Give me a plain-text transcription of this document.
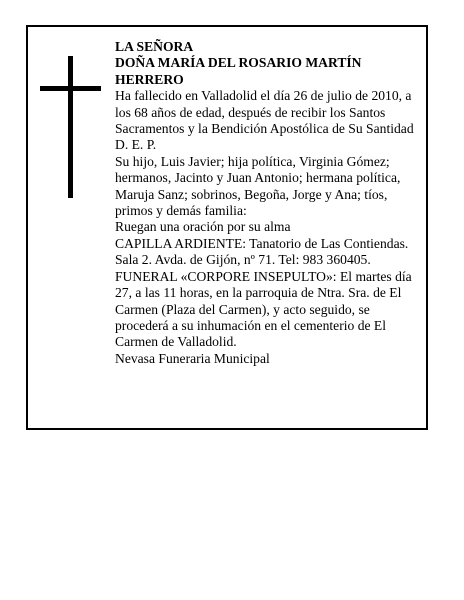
LA SEÑORA

DOÑA MARÍA DEL ROSARIO MARTÍN HERRERO

Ha fallecido en Valladolid el día 26 de julio de 2010, a los 68 años de edad, después de recibir los Santos Sacramentos y la Bendición Apostólica de Su Santidad

D. E. P.

Su hijo, Luis Javier; hija política, Virginia Gómez; hermanos, Jacinto y Juan Antonio; hermana política, Maruja Sanz; sobrinos, Begoña, Jorge y Ana; tíos, primos y demás familia:

Ruegan una oración por su alma

CAPILLA ARDIENTE: Tanatorio de Las Contiendas. Sala 2. Avda. de Gijón, nº 71. Tel: 983 360405.

FUNERAL «CORPORE INSEPULTO»: El martes día 27, a las 11 horas, en la parroquia de Ntra. Sra. de El Carmen (Plaza del Carmen), y acto seguido, se procederá a su inhumación en el cementerio de El Carmen de Valladolid.

Nevasa Funeraria Municipal
